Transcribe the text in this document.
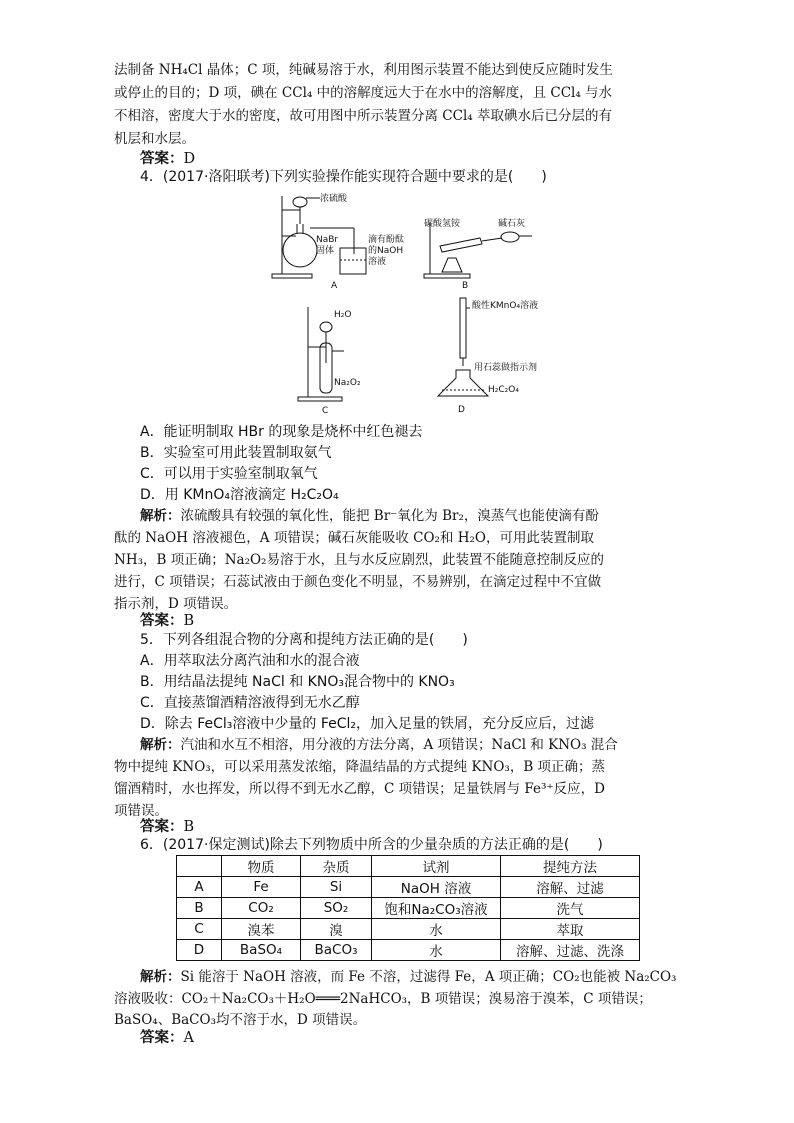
法制备 NH₄Cl 晶体；C 项，纯碱易溶于水，利用图示装置不能达到使反应随时发生
或停止的目的；D 项，碘在 CCl₄ 中的溶解度远大于在水中的溶解度，且 CCl₄ 与水
不相溶，密度大于水的密度，故可用图中所示装置分离 CCl₄ 萃取碘水后已分层的有
机层和水层。
答案：D
4．(2017·洛阳联考)下列实验操作能实现符合题中要求的是(　　)
浓硫酸
NaBr
固体
滴有酚酞
的NaOH
溶液
A
碳酸氢铵	碱石灰
B
H₂O
Na₂O₂
C
酸性KMnO₄溶液
用石蕊做指示剂
H₂C₂O₄
D
A．能证明制取 HBr 的现象是烧杯中红色褪去
B．实验室可用此装置制取氨气
C．可以用于实验室制取氧气
D．用 KMnO₄溶液滴定 H₂C₂O₄
解析：浓硫酸具有较强的氧化性，能把 Br⁻氧化为 Br₂，溴蒸气也能使滴有酚
酞的 NaOH 溶液褪色，A 项错误；碱石灰能吸收 CO₂和 H₂O，可用此装置制取
NH₃，B 项正确；Na₂O₂易溶于水，且与水反应剧烈，此装置不能随意控制反应的
进行，C 项错误；石蕊试液由于颜色变化不明显，不易辨别，在滴定过程中不宜做
指示剂，D 项错误。
答案：B
5．下列各组混合物的分离和提纯方法正确的是(　　)
A．用萃取法分离汽油和水的混合液
B．用结晶法提纯 NaCl 和 KNO₃混合物中的 KNO₃
C．直接蒸馏酒精溶液得到无水乙醇
D．除去 FeCl₃溶液中少量的 FeCl₂，加入足量的铁屑，充分反应后，过滤
解析：汽油和水互不相溶，用分液的方法分离，A 项错误；NaCl 和 KNO₃ 混合
物中提纯 KNO₃，可以采用蒸发浓缩，降温结晶的方式提纯 KNO₃，B 项正确；蒸
馏酒精时，水也挥发，所以得不到无水乙醇，C 项错误；足量铁屑与 Fe³⁺反应，D
项错误。
答案：B
6．(2017·保定测试)除去下列物质中所含的少量杂质的方法正确的是(　　)
	物质	杂质	试剂	提纯方法
A	Fe	Si	NaOH 溶液	溶解、过滤
B	CO₂	SO₂	饱和Na₂CO₃溶液	洗气
C	溴苯	溴	水	萃取
D	BaSO₄	BaCO₃	水	溶解、过滤、洗涤
解析：Si 能溶于 NaOH 溶液，而 Fe 不溶，过滤得 Fe，A 项正确；CO₂也能被 Na₂CO₃
溶液吸收：CO₂＋Na₂CO₃＋H₂O═══2NaHCO₃，B 项错误；溴易溶于溴苯，C 项错误；
BaSO₄、BaCO₃均不溶于水，D 项错误。
答案：A
